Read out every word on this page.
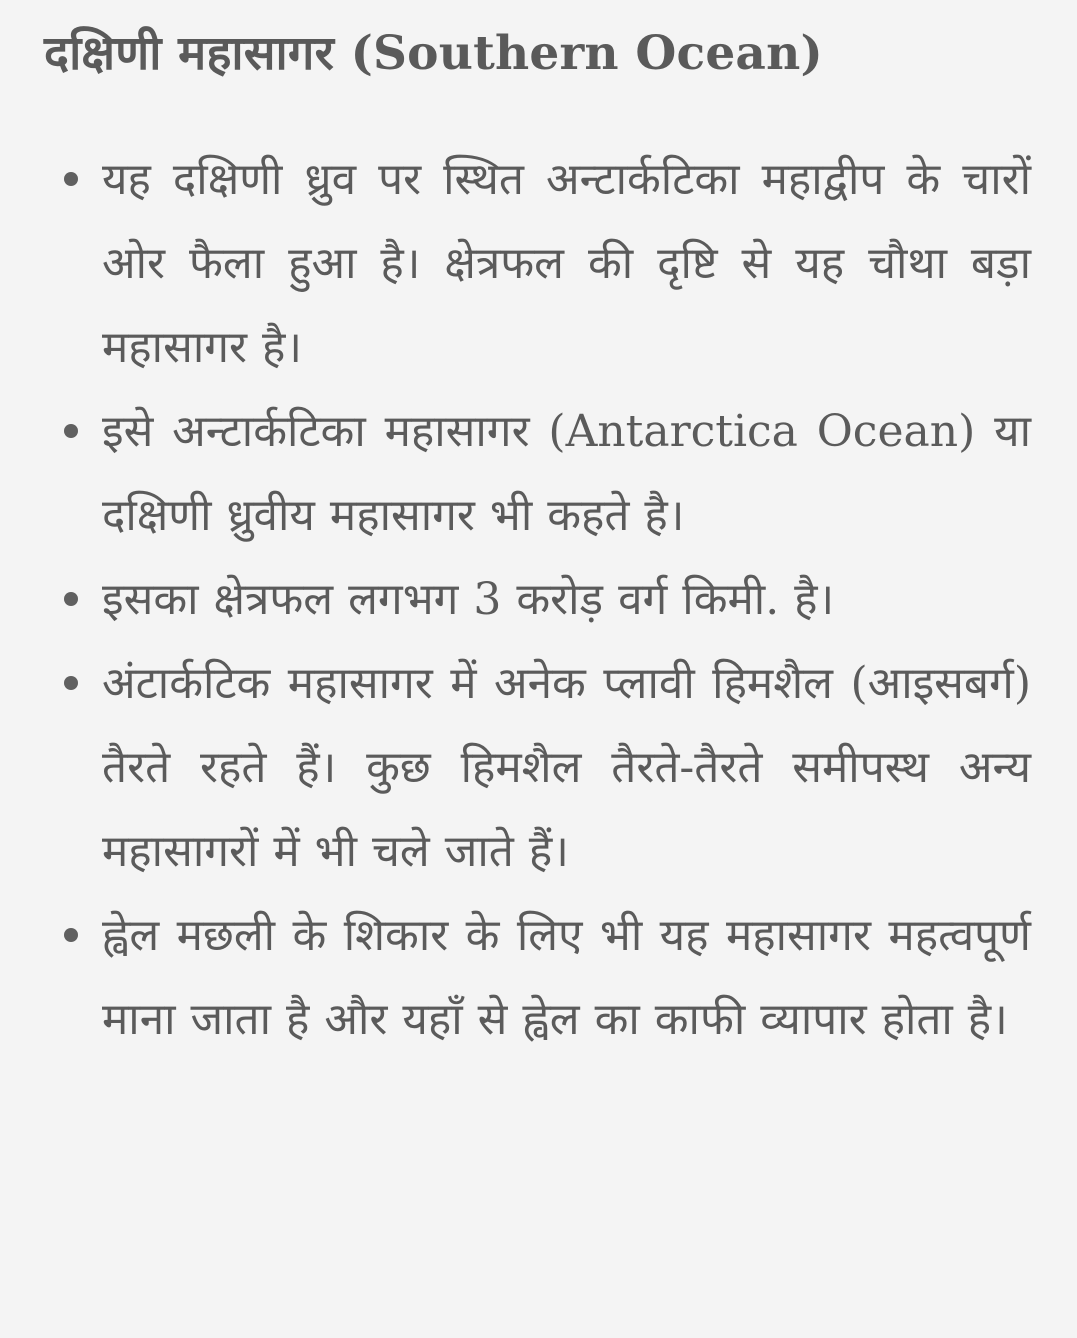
दक्षिणी महासागर (Southern Ocean)
यह दक्षिणी ध्रुव पर स्थित अन्टार्कटिका महाद्वीप के चारों ओर फैला हुआ है। क्षेत्रफल की दृष्टि से यह चौथा बड़ा महासागर है।
इसे अन्टार्कटिका महासागर (Antarctica Ocean) या दक्षिणी ध्रुवीय महासागर भी कहते है।
इसका क्षेत्रफल लगभग 3 करोड़ वर्ग किमी. है।
अंटार्कटिक महासागर में अनेक प्लावी हिमशैल (आइसबर्ग) तैरते रहते हैं। कुछ हिमशैल तैरते-तैरते समीपस्थ अन्य महासागरों में भी चले जाते हैं।
ह्वेल मछली के शिकार के लिए भी यह महासागर महत्वपूर्ण माना जाता है और यहाँ से ह्वेल का काफी व्यापार होता है।
